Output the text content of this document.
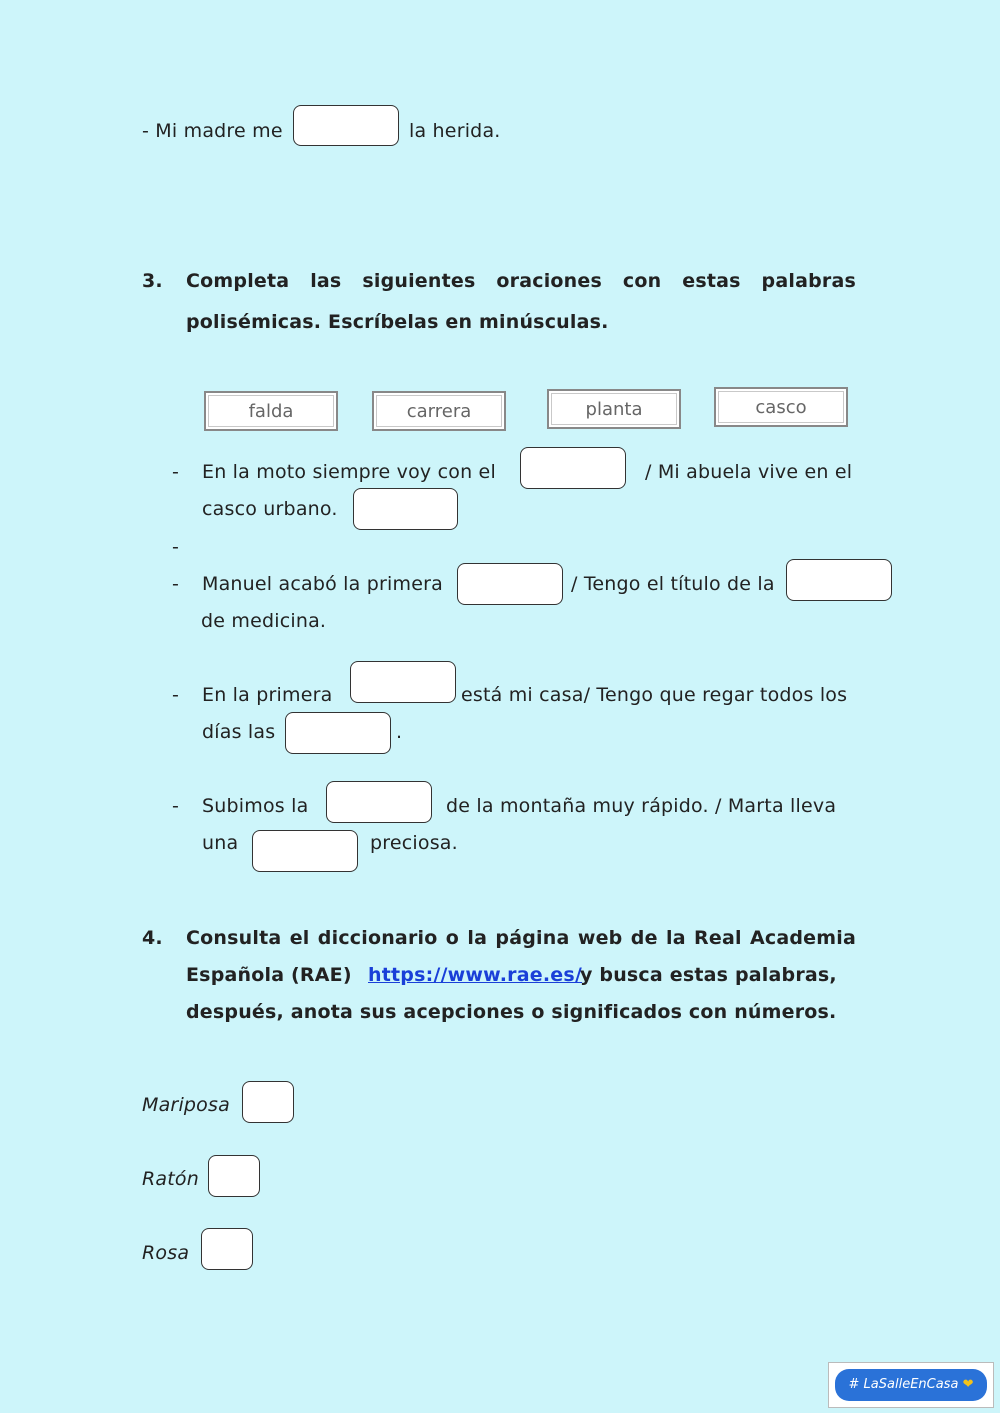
- Mi madre me	la herida.
3. Completa las siguientes oraciones con estas palabras
polisémicas. Escríbelas en minúsculas.
falda	carrera	planta	casco
- En la moto siempre voy con el	/ Mi abuela vive en el
casco urbano.
-
- Manuel acabó la primera	/ Tengo el título de la
de medicina.
- En la primera	está mi casa/ Tengo que regar todos los
días las	.
- Subimos la	de la montaña muy rápido. / Marta lleva
una	preciosa.
4. Consulta el diccionario o la página web de la Real Academia
Española (RAE) https://www.rae.es/
y busca estas palabras,
después, anota sus acepciones o significados con números.
Mariposa
Ratón
Rosa
# LaSalleEnCasa ❤
